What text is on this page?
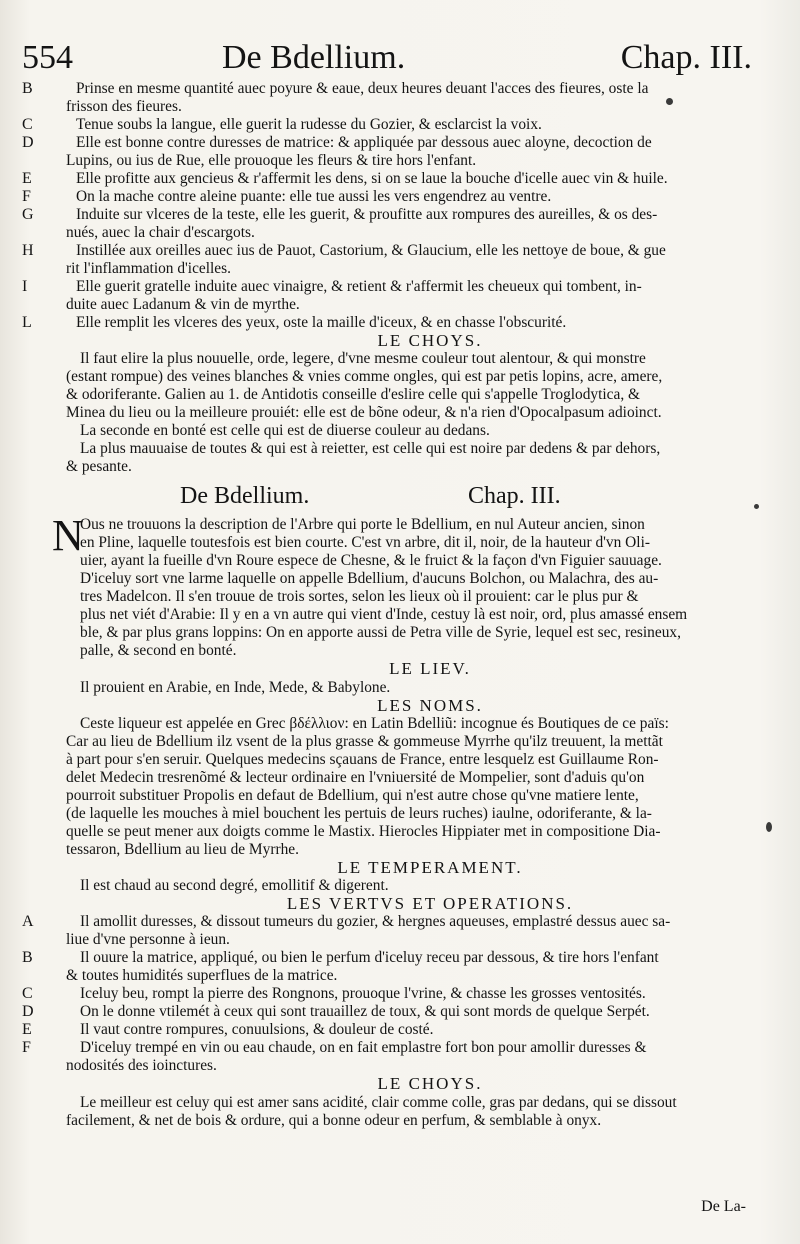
554	De Bdellium.	Chap. III.
B	Prinse en mesme quantité auec poyure & eaue, deux heures deuant l'acces des fieures, oste la
frisson des fieures.
C	Tenue soubs la langue, elle guerit la rudesse du Gozier, & esclarcist la voix.
D	Elle est bonne contre duresses de matrice: & appliquée par dessous auec aloyne, decoction de
Lupins, ou ius de Rue, elle prouoque les fleurs & tire hors l'enfant.
E	Elle profitte aux gencieus & r'affermit les dens, si on se laue la bouche d'icelle auec vin & huile.
F	On la mache contre aleine puante: elle tue aussi les vers engendrez au ventre.
G	Induite sur vlceres de la teste, elle les guerit, & proufitte aux rompures des aureilles, & os des-
nués, auec la chair d'escargots.
H	Instillée aux oreilles auec ius de Pauot, Castorium, & Glaucium, elle les nettoye de boue, & gue
rit l'inflammation d'icelles.
I	Elle guerit gratelle induite auec vinaigre, & retient & r'affermit les cheueux qui tombent, in-
duite auec Ladanum & vin de myrthe.
L	Elle remplit les vlceres des yeux, oste la maille d'iceux, & en chasse l'obscurité.
LE CHOYS.
Il faut elire la plus nouuelle, orde, legere, d'vne mesme couleur tout alentour, & qui monstre
(estant rompue) des veines blanches & vnies comme ongles, qui est par petis lopins, acre, amere,
& odoriferante. Galien au 1. de Antidotis conseille d'eslire celle qui s'appelle Troglodytica, &
Minea du lieu ou la meilleure prouiét: elle est de bõne odeur, & n'a rien d'Opocalpasum adioinct.
La seconde en bonté est celle qui est de diuerse couleur au dedans.
La plus mauuaise de toutes & qui est à reietter, est celle qui est noire par dedens & par dehors,
& pesante.
De Bdellium.	Chap. III.
N
Ous ne trouuons la description de l'Arbre qui porte le Bdellium, en nul Auteur ancien, sinon
en Pline, laquelle toutesfois est bien courte. C'est vn arbre, dit il, noir, de la hauteur d'vn Oli-
uier, ayant la fueille d'vn Roure espece de Chesne, & le fruict & la façon d'vn Figuier sauuage.
D'iceluy sort vne larme laquelle on appelle Bdellium, d'aucuns Bolchon, ou Malachra, des au-
tres Madelcon. Il s'en trouue de trois sortes, selon les lieux où il prouient: car le plus pur &
plus net viét d'Arabie: Il y en a vn autre qui vient d'Inde, cestuy là est noir, ord, plus amassé ensem
ble, & par plus grans loppins: On en apporte aussi de Petra ville de Syrie, lequel est sec, resineux,
palle, & second en bonté.
LE LIEV.
Il prouient en Arabie, en Inde, Mede, & Babylone.
LES NOMS.
Ceste liqueur est appelée en Grec βδέλλιον: en Latin Bdelliũ: incognue és Boutiques de ce païs:
Car au lieu de Bdellium ilz vsent de la plus grasse & gommeuse Myrrhe qu'ilz treuuent, la mettãt
à part pour s'en seruir. Quelques medecins sçauans de France, entre lesquelz est Guillaume Ron-
delet Medecin tresrenõmé & lecteur ordinaire en l'vniuersité de Mompelier, sont d'aduis qu'on
pourroit substituer Propolis en defaut de Bdellium, qui n'est autre chose qu'vne matiere lente,
(de laquelle les mouches à miel bouchent les pertuis de leurs ruches) iaulne, odoriferante, & la-
quelle se peut mener aux doigts comme le Mastix. Hierocles Hippiater met in compositione Dia-
tessaron, Bdellium au lieu de Myrrhe.
LE TEMPERAMENT.
Il est chaud au second degré, emollitif & digerent.
LES VERTVS ET OPERATIONS.
A	Il amollit duresses, & dissout tumeurs du gozier, & hergnes aqueuses, emplastré dessus auec sa-
liue d'vne personne à ieun.
B	Il ouure la matrice, appliqué, ou bien le perfum d'iceluy receu par dessous, & tire hors l'enfant
& toutes humidités superflues de la matrice.
C	Iceluy beu, rompt la pierre des Rongnons, prouoque l'vrine, & chasse les grosses ventosités.
D	On le donne vtilemét à ceux qui sont trauaillez de toux, & qui sont mords de quelque Serpét.
E	Il vaut contre rompures, conuulsions, & douleur de costé.
F	D'iceluy trempé en vin ou eau chaude, on en fait emplastre fort bon pour amollir duresses &
nodosités des ioinctures.
LE CHOYS.
Le meilleur est celuy qui est amer sans acidité, clair comme colle, gras par dedans, qui se dissout
facilement, & net de bois & ordure, qui a bonne odeur en perfum, & semblable à onyx.
De La-
